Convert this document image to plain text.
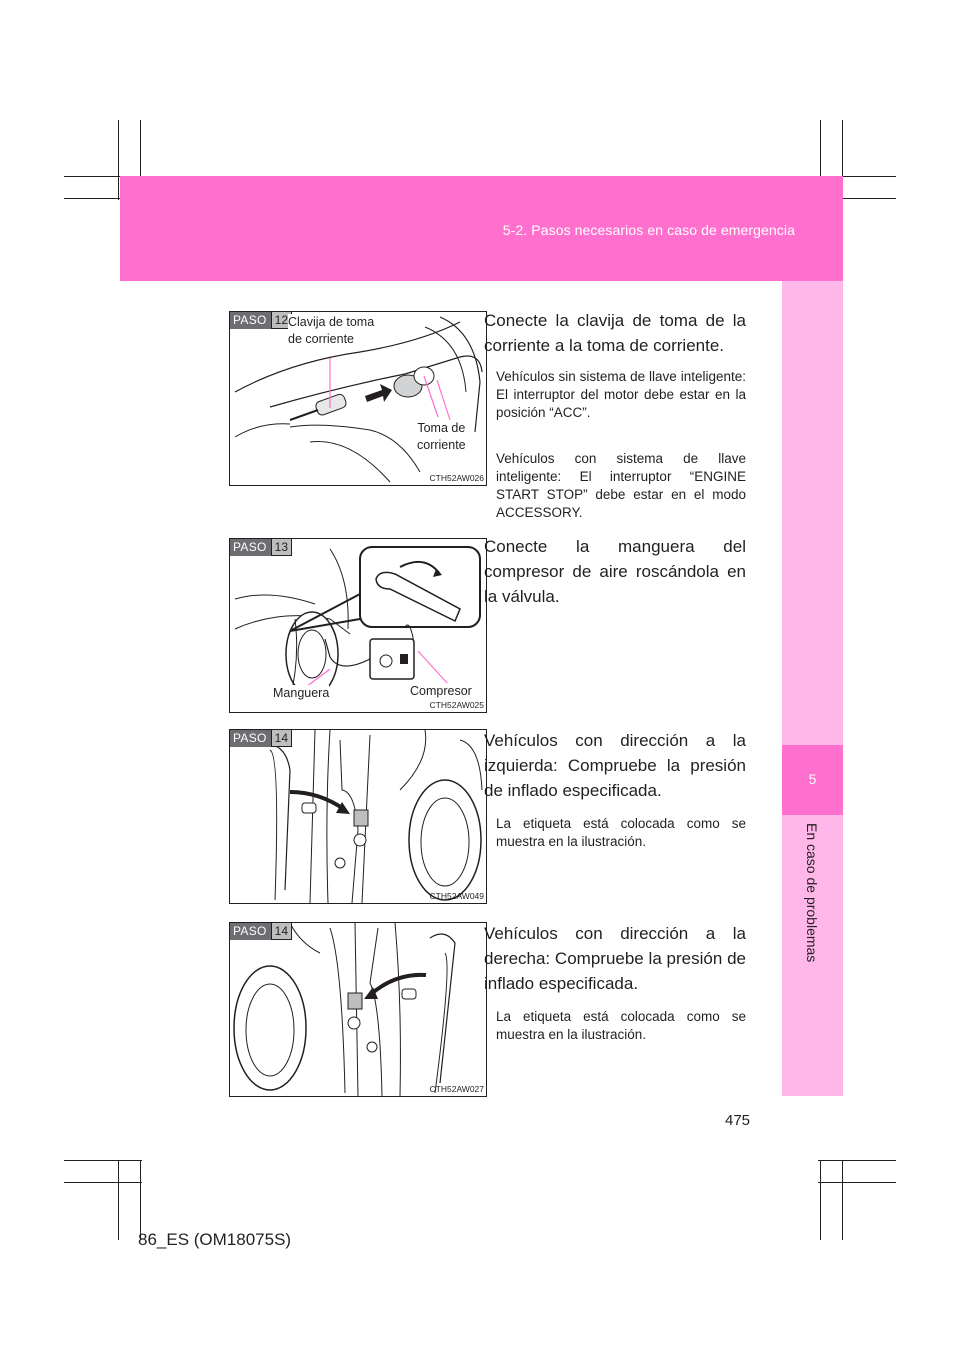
5-2. Pasos necesarios en caso de emergencia
5
En caso de problemas
PASO 12 Clavija de toma
de corriente
Toma de
corriente
CTH52AW026
Conecte la clavija de toma de la corriente a la toma de corriente.
Vehículos sin sistema de llave inteligente: El interruptor del motor debe estar en la posición “ACC”.
Vehículos con sistema de llave inteligente: El interruptor “ENGINE START STOP” debe estar en el modo ACCESSORY.
PASO 13
Manguera	Compresor
CTH52AW025
Conecte la manguera del compresor de aire roscándola en la válvula.
PASO 14
CTH52AW049
Vehículos con dirección a la izquierda: Compruebe la presión de inflado especificada.
La etiqueta está colocada como se muestra en la ilustración.
PASO 14
CTH52AW027
Vehículos con dirección a la derecha: Compruebe la presión de inflado especificada.
La etiqueta está colocada como se muestra en la ilustración.
475
86_ES (OM18075S)
